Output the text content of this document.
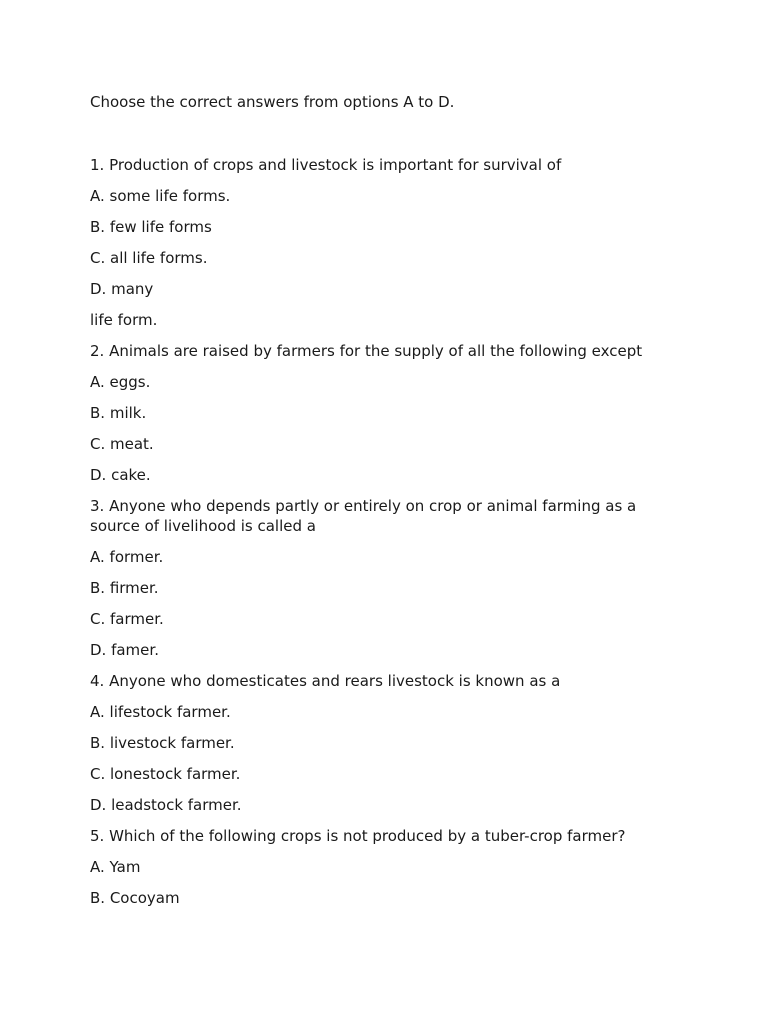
Choose the correct answers from options A to D.
1. Production of crops and livestock is important for survival of
A. some life forms.
B. few life forms
C. all life forms.
D. many
life form.
2. Animals are raised by farmers for the supply of all the following except
A. eggs.
B. milk.
C. meat.
D. cake.
3. Anyone who depends partly or entirely on crop or animal farming as a source of livelihood is called a
A. former.
B. firmer.
C. farmer.
D. famer.
4. Anyone who domesticates and rears livestock is known as a
A. lifestock farmer.
B. livestock farmer.
C. lonestock farmer.
D. leadstock farmer.
5. Which of the following crops is not produced by a tuber-crop farmer?
A. Yam
B. Cocoyam
